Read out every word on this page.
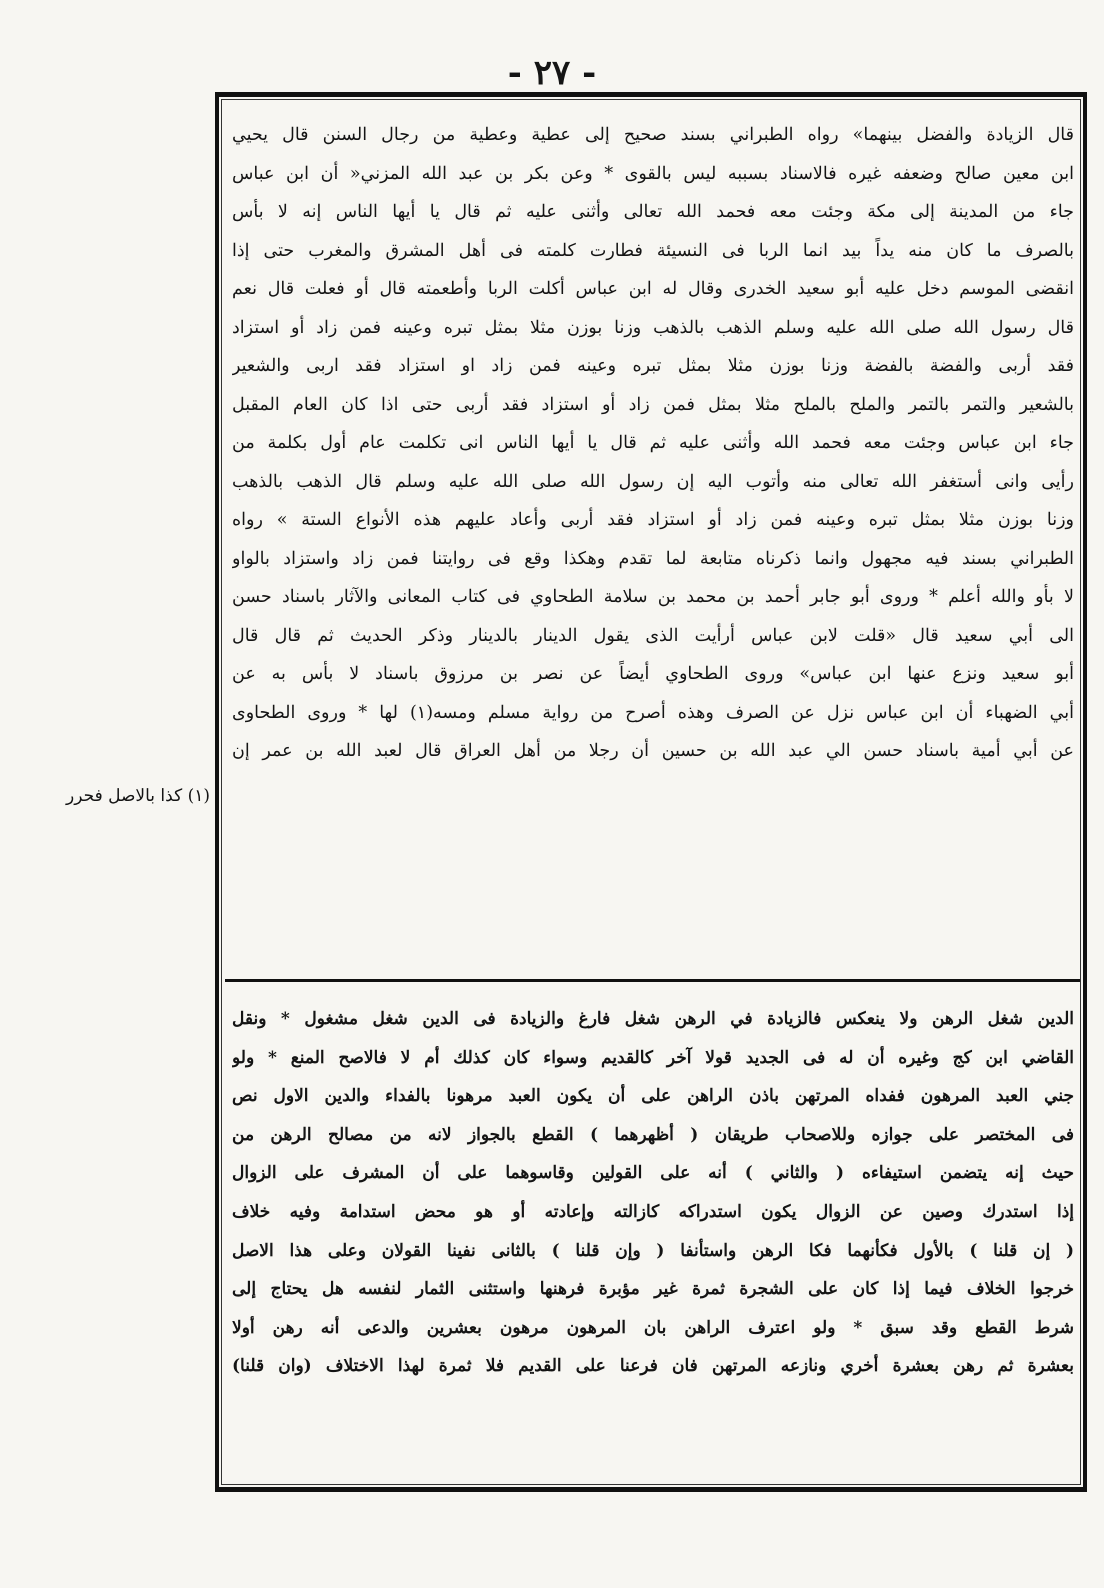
- ٢٧ -
قال الزيادة والفضل بينهما» رواه الطبراني بسند صحيح إلى عطية وعطية من رجال السنن قال يحيي
ابن معين صالح وضعفه غيره فالاسناد بسببه ليس بالقوى * وعن بكر بن عبد الله المزني« أن ابن عباس
جاء من المدينة إلى مكة وجئت معه فحمد الله تعالى وأثنى عليه ثم قال يا أيها الناس إنه لا بأس
بالصرف ما كان منه يداً بيد انما الربا فى النسيئة فطارت كلمته فى أهل المشرق والمغرب حتى إذا
انقضى الموسم دخل عليه أبو سعيد الخدرى وقال له ابن عباس أكلت الربا وأطعمته قال أو فعلت قال نعم
قال رسول الله صلى الله عليه وسلم الذهب بالذهب وزنا بوزن مثلا بمثل تبره وعينه فمن زاد أو استزاد
فقد أربى والفضة بالفضة وزنا بوزن مثلا بمثل تبره وعينه فمن زاد او استزاد فقد اربى والشعير
بالشعير والتمر بالتمر والملح بالملح مثلا بمثل فمن زاد أو استزاد فقد أربى حتى اذا كان العام المقبل
جاء ابن عباس وجئت معه فحمد الله وأثنى عليه ثم قال يا أيها الناس انى تكلمت عام أول بكلمة من
رأيى وانى أستغفر الله تعالى منه وأتوب اليه إن رسول الله صلى الله عليه وسلم قال الذهب بالذهب
وزنا بوزن مثلا بمثل تبره وعينه فمن زاد أو استزاد فقد أربى وأعاد عليهم هذه الأنواع الستة » رواه
الطبراني بسند فيه مجهول وانما ذكرناه متابعة لما تقدم وهكذا وقع فى روايتنا فمن زاد واستزاد بالواو
لا بأو والله أعلم * وروى أبو جابر أحمد بن محمد بن سلامة الطحاوي فى كتاب المعانى والآثار باسناد حسن
الى أبي سعيد قال «قلت لابن عباس أرأيت الذى يقول الدينار بالدينار وذكر الحديث ثم قال قال
أبو سعيد ونزع عنها ابن عباس» وروى الطحاوي أيضاً عن نصر بن مرزوق باسناد لا بأس به عن
أبي الضهباء أن ابن عباس نزل عن الصرف وهذه أصرح من رواية مسلم ومسه(١) لها * وروى الطحاوى
عن أبي أمية باسناد حسن الي عبد الله بن حسين أن رجلا من أهل العراق قال لعبد الله بن عمر إن
الدين شغل الرهن ولا ينعكس فالزيادة في الرهن شغل فارغ والزيادة فى الدين شغل مشغول * ونقل
القاضي ابن كج وغيره أن له فى الجديد قولا آخر كالقديم وسواء كان كذلك أم لا فالاصح المنع * ولو
جني العبد المرهون ففداه المرتهن باذن الراهن على أن يكون العبد مرهونا بالفداء والدين الاول نص
فى المختصر على جوازه وللاصحاب طريقان ( أظهرهما ) القطع بالجواز لانه من مصالح الرهن من
حيث إنه يتضمن استيفاءه ( والثاني ) أنه على القولين وقاسوهما على أن المشرف على الزوال
إذا استدرك وصين عن الزوال يكون استدراكه كازالته وإعادته أو هو محض استدامة وفيه خلاف
( إن قلنا ) بالأول فكأنهما فكا الرهن واستأنفا ( وإن قلنا ) بالثانى نفينا القولان وعلى هذا الاصل
خرجوا الخلاف فيما إذا كان على الشجرة ثمرة غير مؤبرة فرهنها واستثنى الثمار لنفسه هل يحتاج إلى
شرط القطع وقد سبق * ولو اعترف الراهن بان المرهون مرهون بعشرين والدعى أنه رهن أولا
بعشرة ثم رهن بعشرة أخري ونازعه المرتهن فان فرعنا على القديم فلا ثمرة لهذا الاختلاف (وان قلنا)
(١) كذا بالاصل فحرر
